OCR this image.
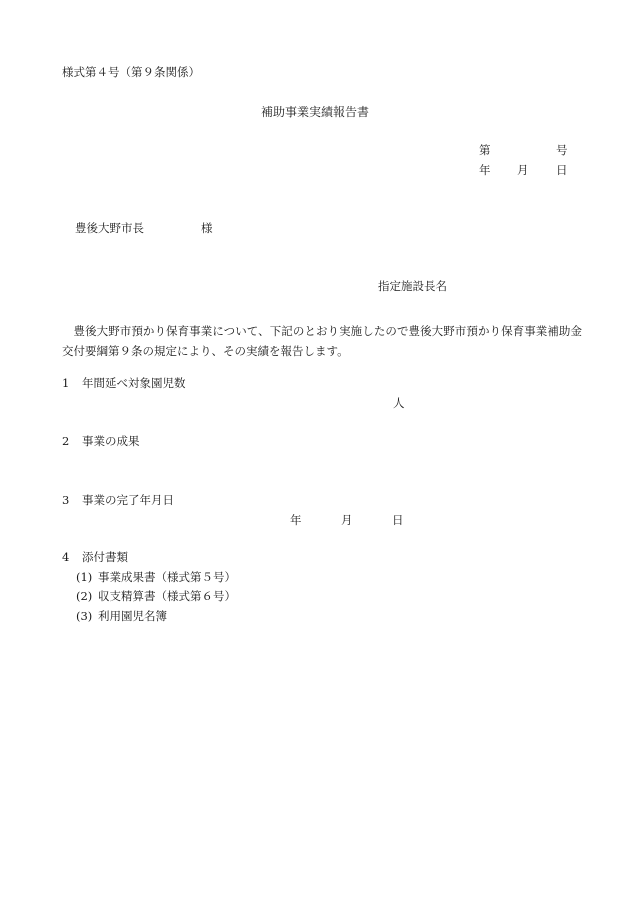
様式第４号（第９条関係）
補助事業実績報告書
第	号
年 月 日
豊後大野市長	様
指定施設長名

豊後大野市預かり保育事業について、下記のとおり実施したので豊後大野市預かり保育事業補助金交付要綱第９条の規定により、その実績を報告します。

1 年間延べ対象園児数
人
2 事業の成果
3 事業の完了年月日
年	月	日
4 添付書類
(1) 事業成果書（様式第５号）
(2) 収支精算書（様式第６号）
(3) 利用園児名簿
